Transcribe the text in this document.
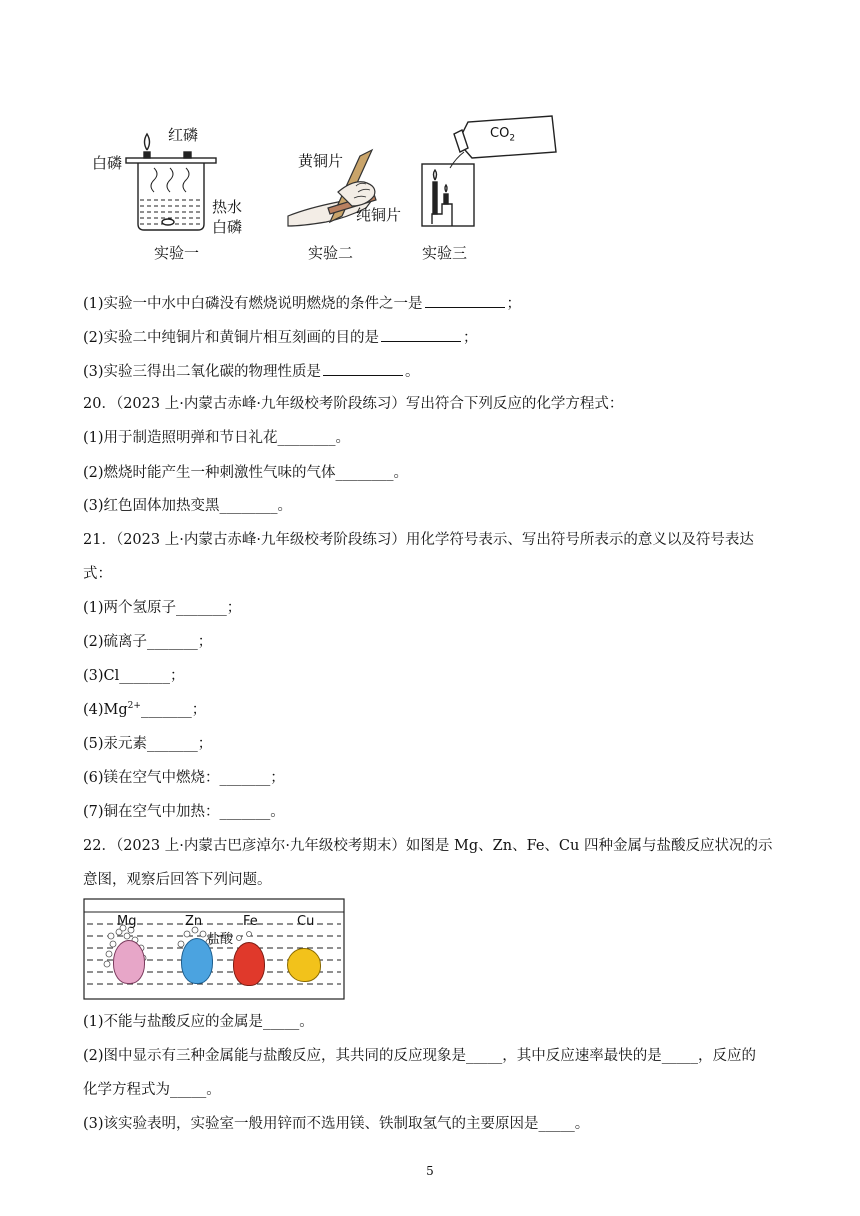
白磷
红磷
热水
白磷
黄铜片
纯铜片
$CO_2$
实验一	实验二	实验三
(1)实验一中水中白磷没有燃烧说明燃烧的条件之一是	；
(2)实验二中纯铜片和黄铜片相互刻画的目的是	；
(3)实验三得出二氧化碳的物理性质是	。
20．（2023 上·内蒙古赤峰·九年级校考阶段练习）写出符合下列反应的化学方程式：
(1)用于制造照明弹和节日礼花________。
(2)燃烧时能产生一种刺激性气味的气体________。
(3)红色固体加热变黑________。
21．（2023 上·内蒙古赤峰·九年级校考阶段练习）用化学符号表示、写出符号所表示的意义以及符号表达
式：
(1)两个氢原子_______；
(2)硫离子_______；
(3)Cl_______；
$(4)Mg^{2+}\_\_\_\_\_\_\_$；
(5)汞元素_______；
(6)镁在空气中燃烧：_______；
(7)铜在空气中加热：_______。
22．（2023 上·内蒙古巴彦淖尔·九年级校考期末）如图是 Mg、Zn、Fe、Cu 四种金属与盐酸反应状况的示
意图，观察后回答下列问题。
Mg	Zn	Fe	Cu
盐酸
(1)不能与盐酸反应的金属是_____。
(2)图中显示有三种金属能与盐酸反应，其共同的反应现象是_____，其中反应速率最快的是_____，反应的
化学方程式为_____。
(3)该实验表明，实验室一般用锌而不选用镁、铁制取氢气的主要原因是_____。
5
